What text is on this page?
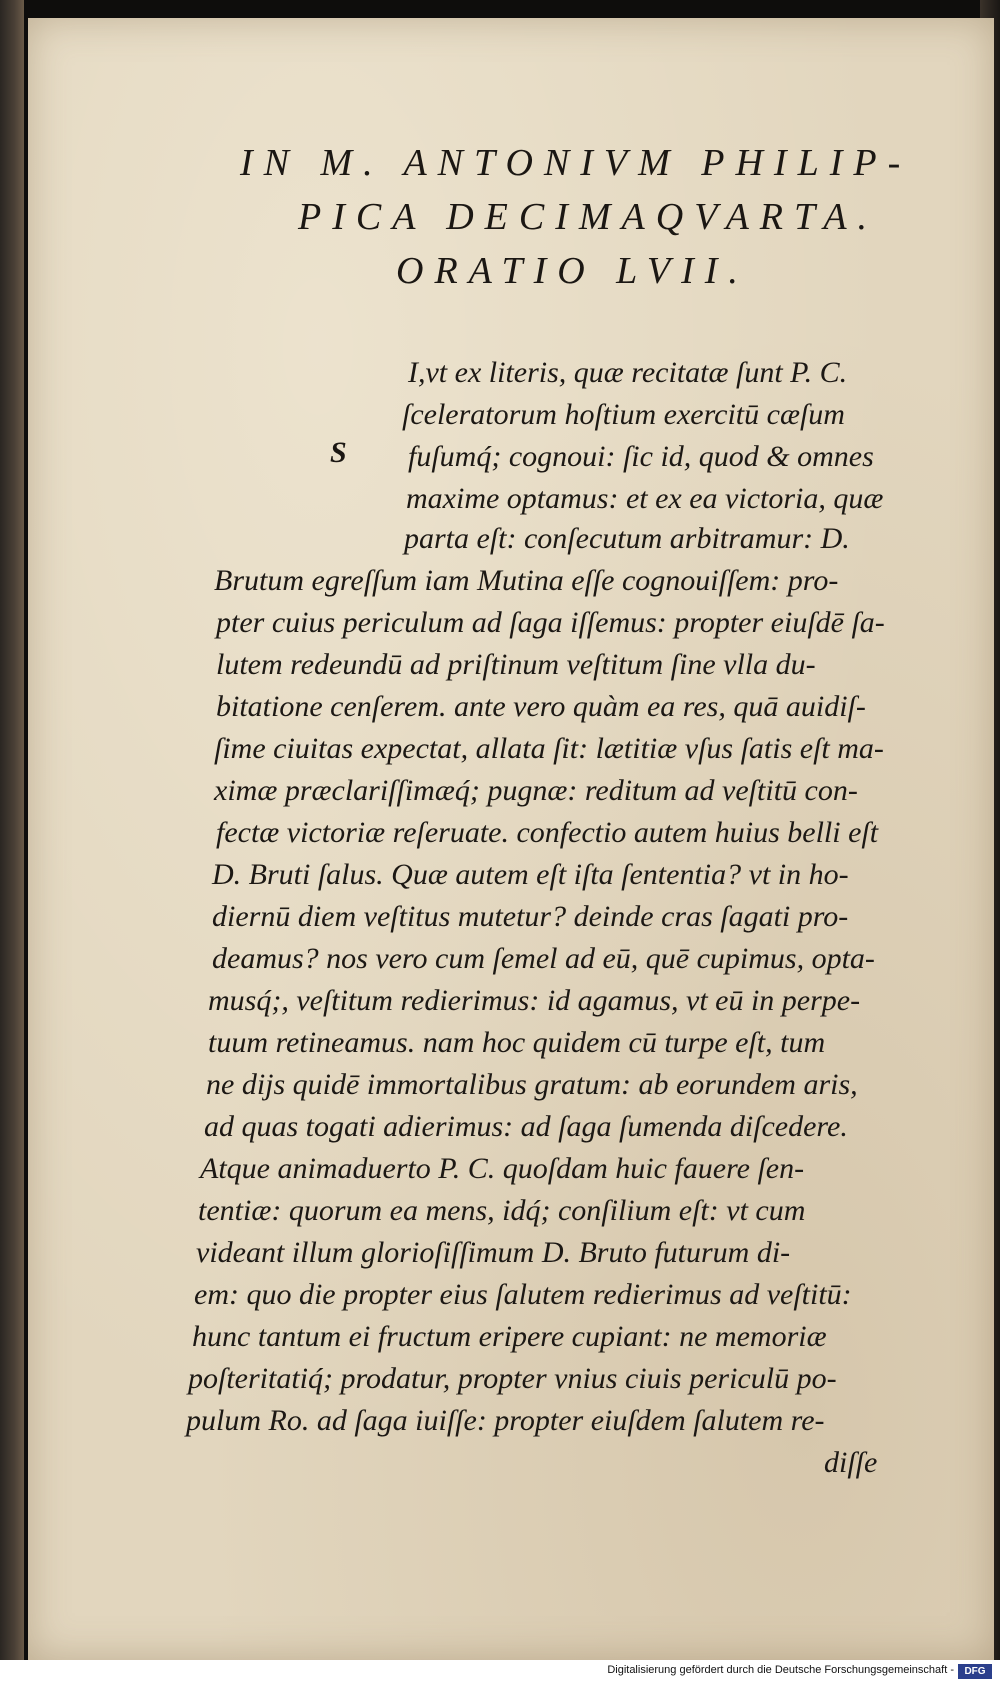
IN M. ANTONIVM PHILIP-
PICA DECIMAQVARTA.
ORATIO LVII.
S
I,vt ex literis, quæ recitatæ ſunt P. C.
ſceleratorum hoſtium exercitū cæſum
fuſumq́; cognoui: ſic id, quod & omnes
maxime optamus: et ex ea victoria, quæ
parta eſt: conſecutum arbitramur: D.
Brutum egreſſum iam Mutina eſſe cognouiſſem: pro-
pter cuius periculum ad ſaga iſſemus: propter eiuſdē ſa-
lutem redeundū ad priſtinum veſtitum ſine vlla du-
bitatione cenſerem. ante vero quàm ea res, quā auidiſ-
ſime ciuitas expectat, allata ſit: lætitiæ vſus ſatis eſt ma-
ximæ præclariſſimæq́; pugnæ: reditum ad veſtitū con-
fectæ victoriæ reſeruate. confectio autem huius belli eſt
D. Bruti ſalus. Quæ autem eſt iſta ſententia? vt in ho-
diernū diem veſtitus mutetur? deinde cras ſagati pro-
deamus? nos vero cum ſemel ad eū, quē cupimus, opta-
musq́;, veſtitum redierimus: id agamus, vt eū in perpe-
tuum retineamus. nam hoc quidem cū turpe eſt, tum
ne dijs quidē immortalibus gratum: ab eorundem aris,
ad quas togati adierimus: ad ſaga ſumenda diſcedere.
Atque animaduerto P. C. quoſdam huic fauere ſen-
tentiæ: quorum ea mens, idq́; conſilium eſt: vt cum
videant illum glorioſiſſimum D. Bruto futurum di-
em: quo die propter eius ſalutem redierimus ad veſtitū:
hunc tantum ei fructum eripere cupiant: ne memoriæ
poſteritatiq́; prodatur, propter vnius ciuis periculū po-
pulum Ro. ad ſaga iuiſſe: propter eiuſdem ſalutem re-
diſſe
Digitalisierung gefördert durch die Deutsche Forschungsgemeinschaft -	DFG
